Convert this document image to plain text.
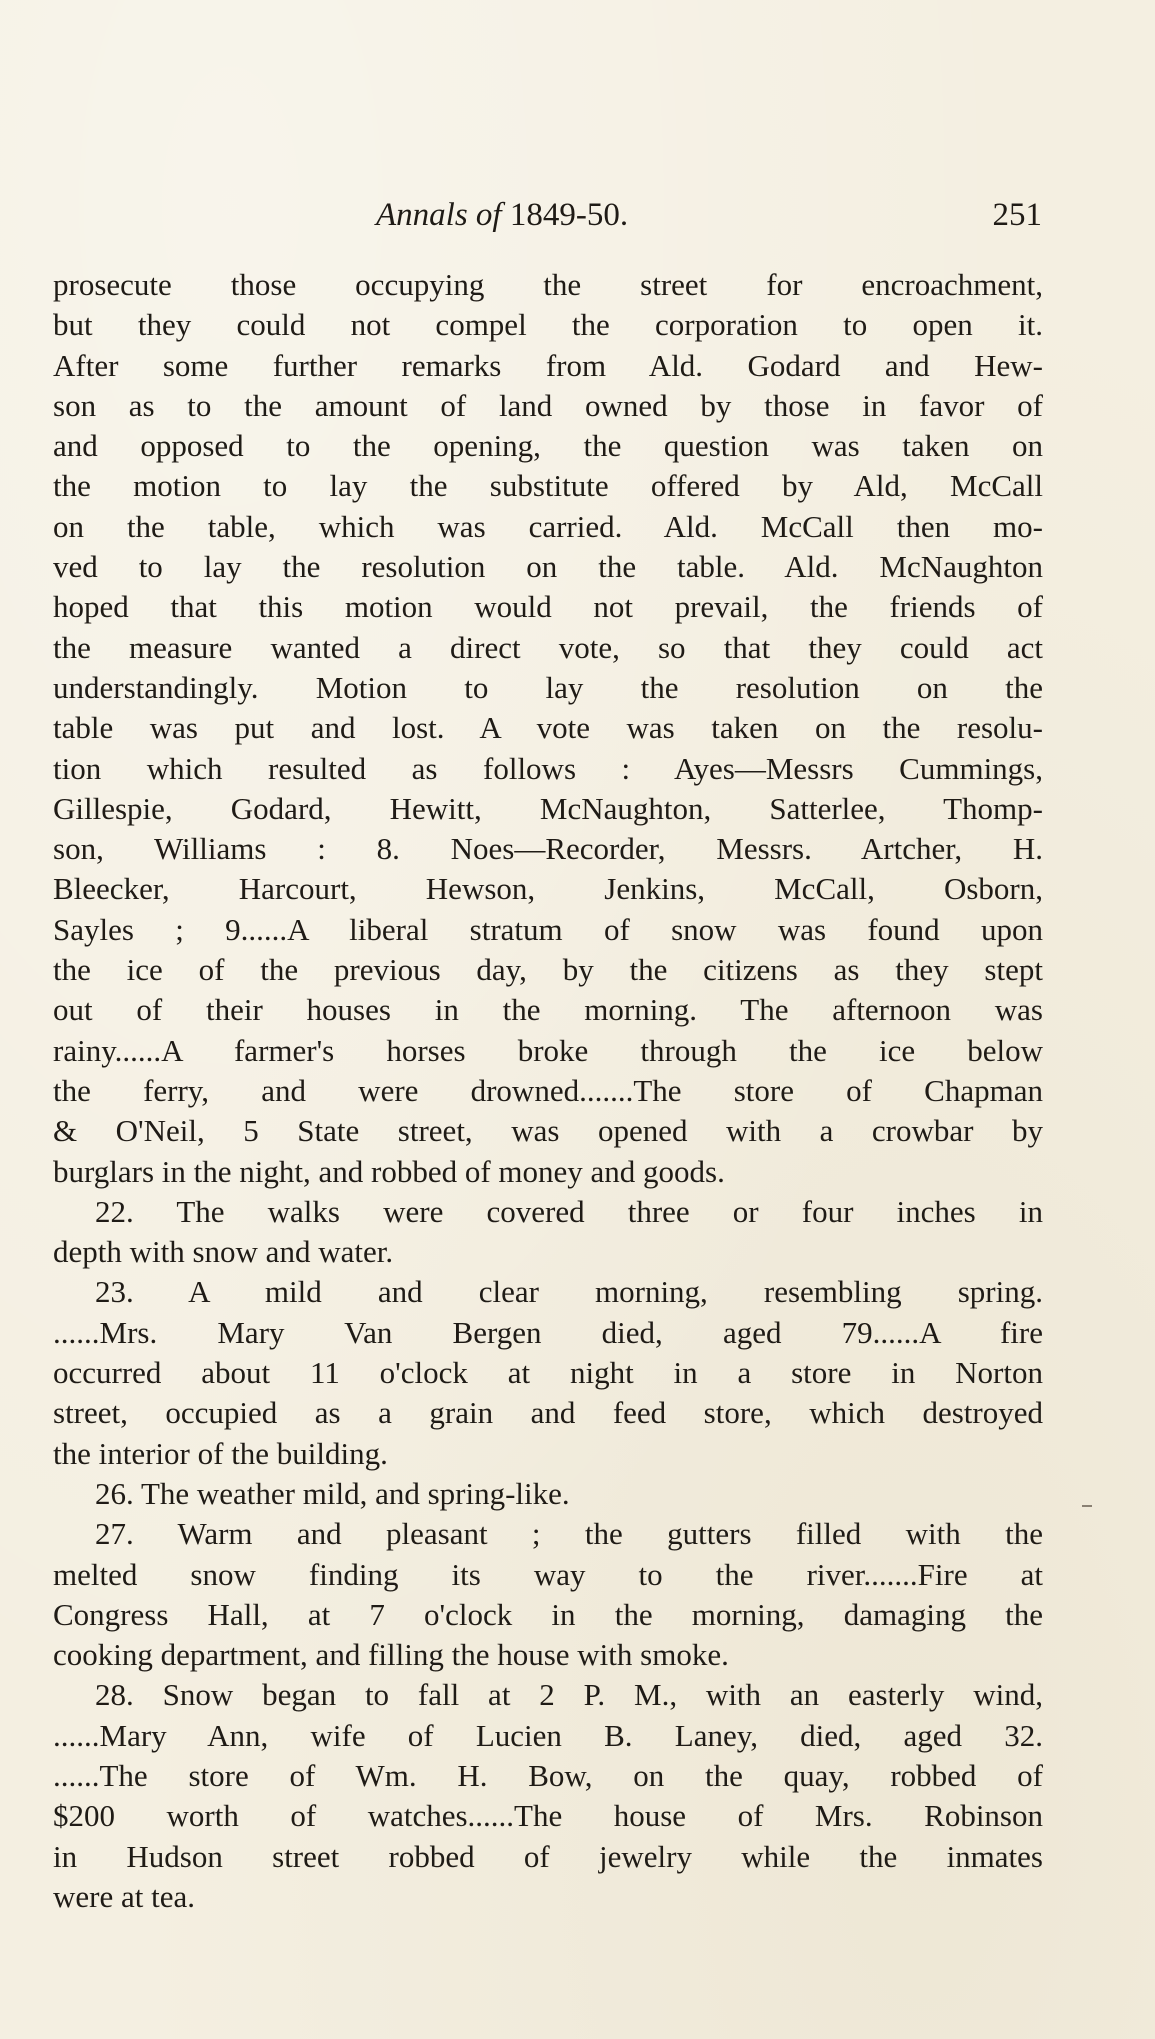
Annals of 1849-50.	251
prosecute those occupying the street for encroachment,
but they could not compel the corporation to open it.
After some further remarks from Ald. Godard and Hew-
son as to the amount of land owned by those in favor of
and opposed to the opening, the question was taken on
the motion to lay the substitute offered by Ald, McCall
on the table, which was carried. Ald. McCall then mo-
ved to lay the resolution on the table. Ald. McNaughton
hoped that this motion would not prevail, the friends of
the measure wanted a direct vote, so that they could act
understandingly. Motion to lay the resolution on the
table was put and lost. A vote was taken on the resolu-
tion which resulted as follows : Ayes—Messrs Cummings,
Gillespie, Godard, Hewitt, McNaughton, Satterlee, Thomp-
son, Williams : 8. Noes—Recorder, Messrs. Artcher, H.
Bleecker, Harcourt, Hewson, Jenkins, McCall, Osborn,
Sayles ; 9......A liberal stratum of snow was found upon
the ice of the previous day, by the citizens as they stept
out of their houses in the morning. The afternoon was
rainy......A farmer's horses broke through the ice below
the ferry, and were drowned.......The store of Chapman
& O'Neil, 5 State street, was opened with a crowbar by
burglars in the night, and robbed of money and goods.
22. The walks were covered three or four inches in
depth with snow and water.
23. A mild and clear morning, resembling spring.
......Mrs. Mary Van Bergen died, aged 79......A fire
occurred about 11 o'clock at night in a store in Norton
street, occupied as a grain and feed store, which destroyed
the interior of the building.
26. The weather mild, and spring-like.
27. Warm and pleasant ; the gutters filled with the
melted snow finding its way to the river.......Fire at
Congress Hall, at 7 o'clock in the morning, damaging the
cooking department, and filling the house with smoke.
28. Snow began to fall at 2 P. M., with an easterly wind,
......Mary Ann, wife of Lucien B. Laney, died, aged 32.
......The store of Wm. H. Bow, on the quay, robbed of
$200 worth of watches......The house of Mrs. Robinson
in Hudson street robbed of jewelry while the inmates
were at tea.
